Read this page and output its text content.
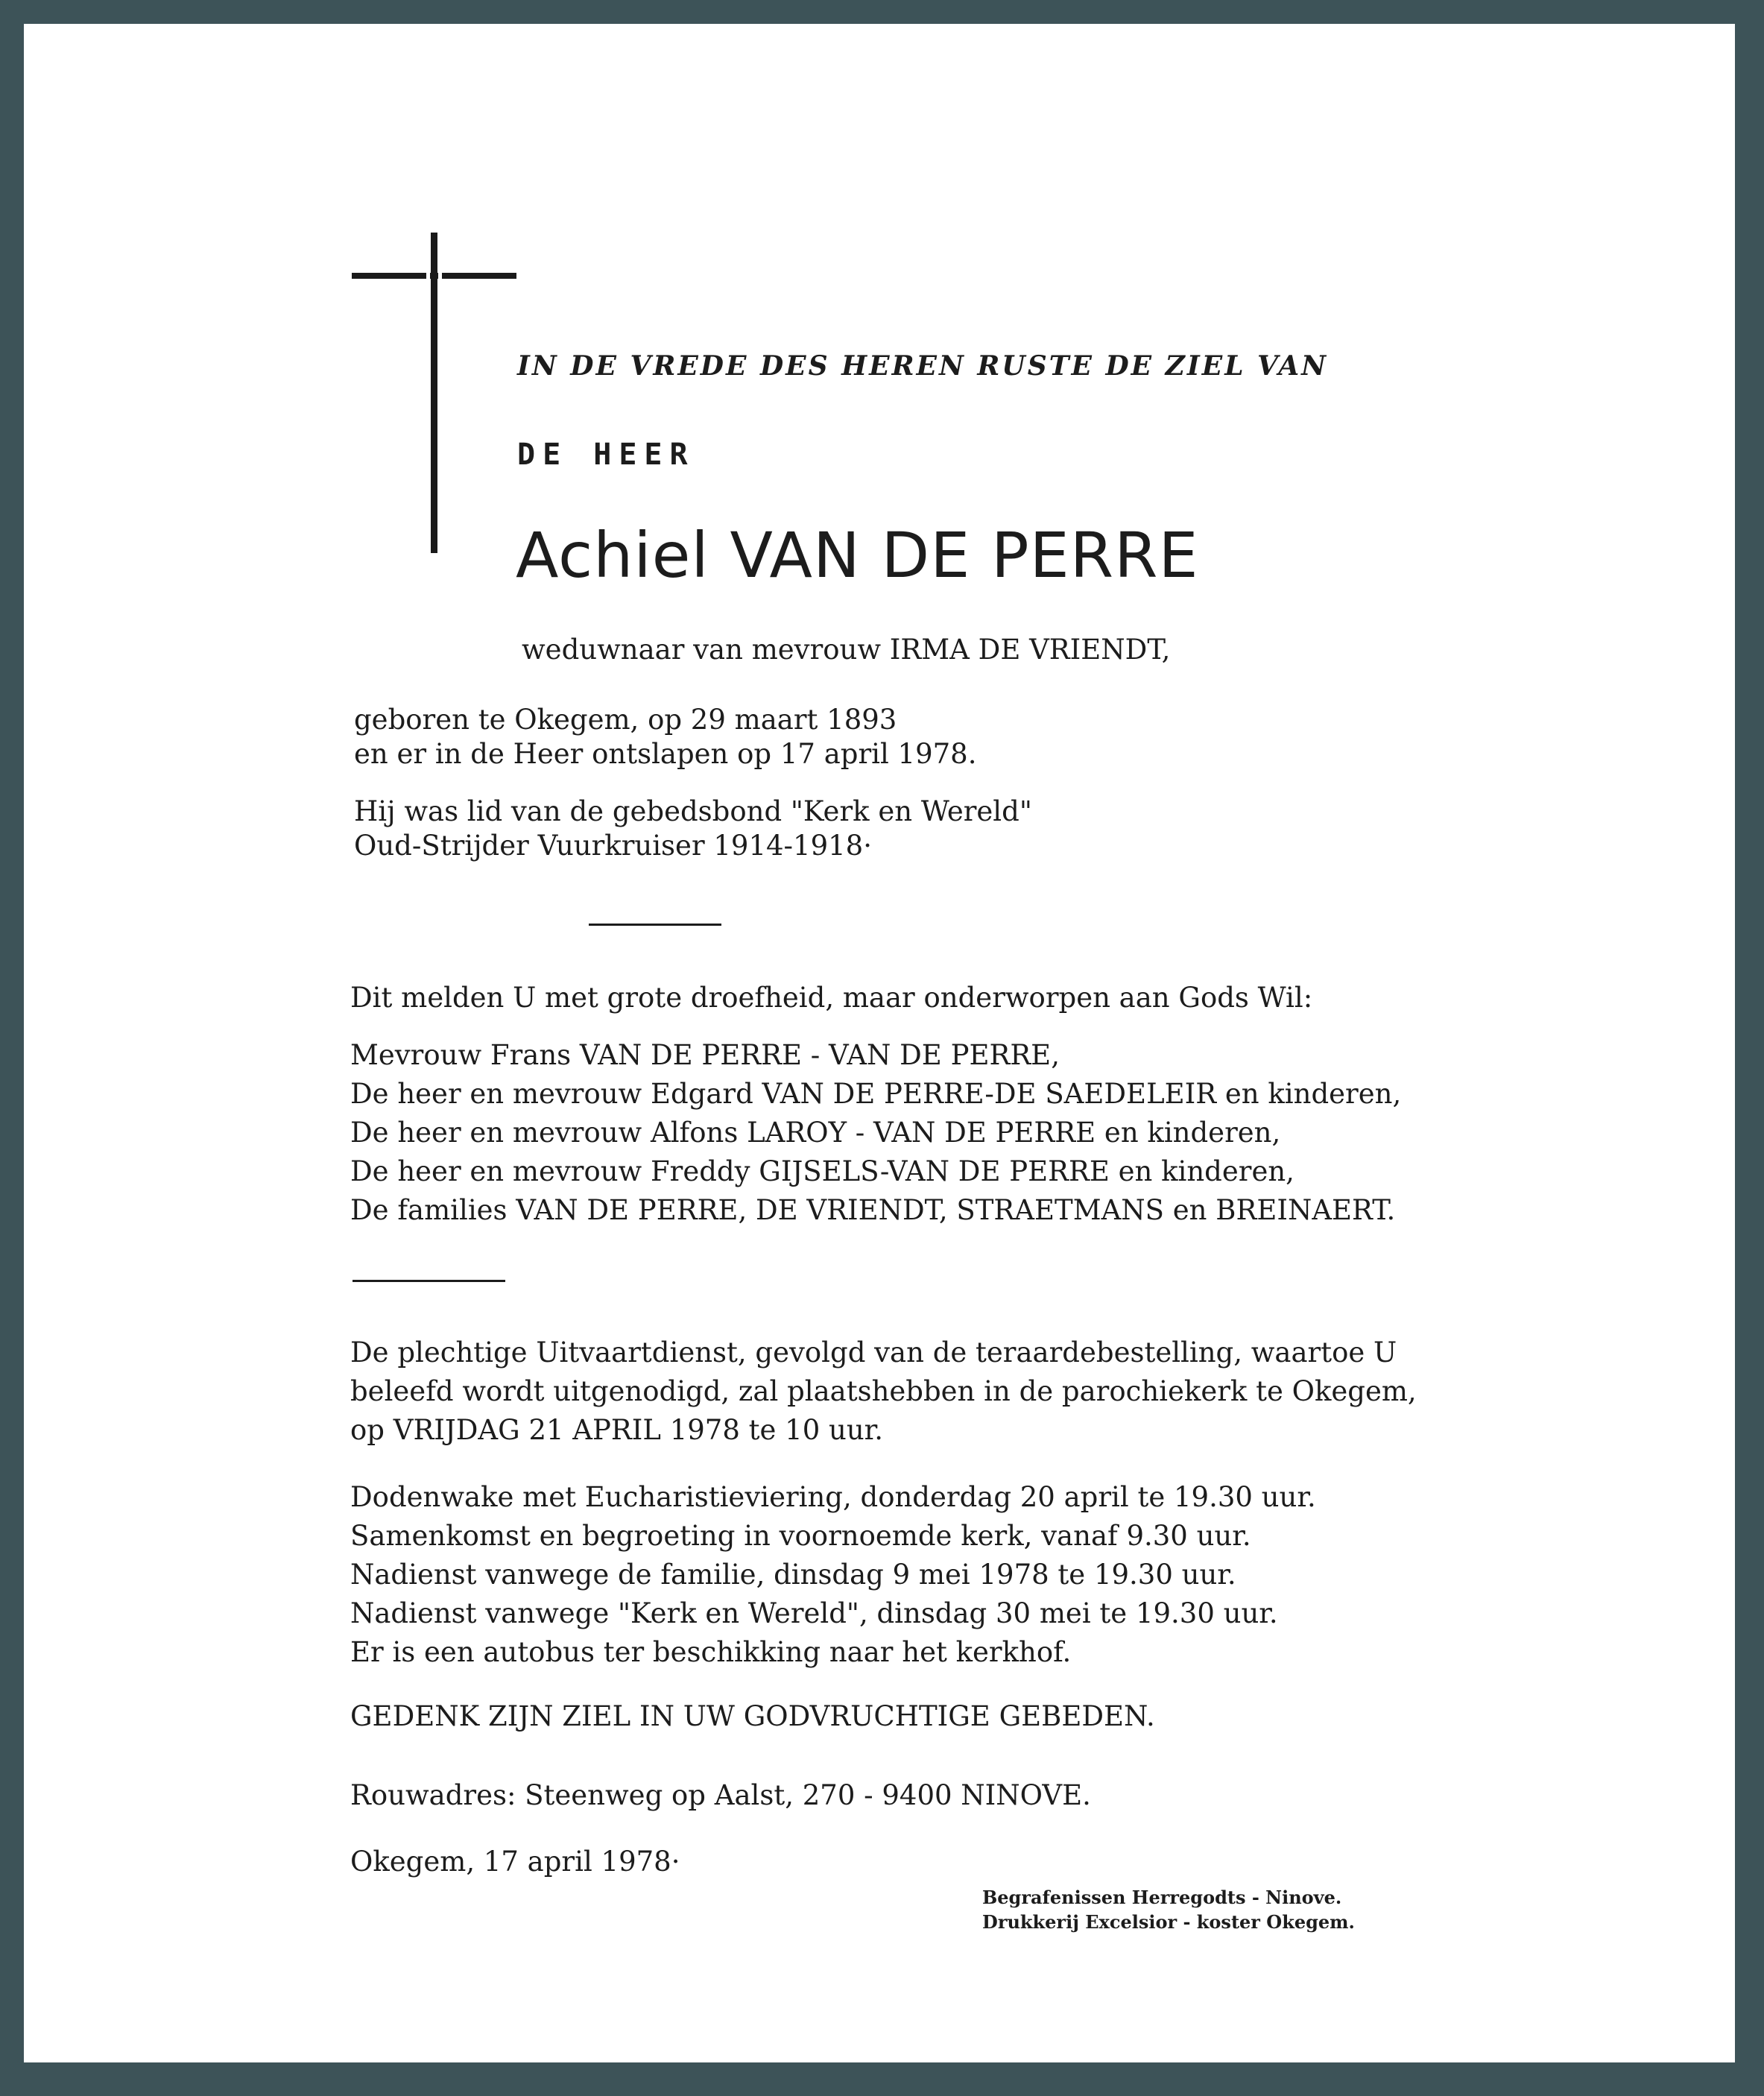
IN DE VREDE DES HEREN RUSTE DE ZIEL VAN
DE HEER
Achiel VAN DE PERRE
weduwnaar van mevrouw IRMA DE VRIENDT,
geboren te Okegem, op 29 maart 1893
en er in de Heer ontslapen op 17 april 1978.
Hij was lid van de gebedsbond "Kerk en Wereld"
Oud-Strijder Vuurkruiser 1914-1918·
Dit melden U met grote droefheid, maar onderworpen aan Gods Wil:
Mevrouw Frans VAN DE PERRE - VAN DE PERRE,
De heer en mevrouw Edgard VAN DE PERRE-DE SAEDELEIR en kinderen,
De heer en mevrouw Alfons LAROY - VAN DE PERRE en kinderen,
De heer en mevrouw Freddy GIJSELS-VAN DE PERRE en kinderen,
De families VAN DE PERRE, DE VRIENDT, STRAETMANS en BREINAERT.
De plechtige Uitvaartdienst, gevolgd van de teraardebestelling, waartoe U
beleefd wordt uitgenodigd, zal plaatshebben in de parochiekerk te Okegem,
op VRIJDAG 21 APRIL 1978 te 10 uur.
Dodenwake met Eucharistieviering, donderdag 20 april te 19.30 uur.
Samenkomst en begroeting in voornoemde kerk, vanaf 9.30 uur.
Nadienst vanwege de familie, dinsdag 9 mei 1978 te 19.30 uur.
Nadienst vanwege "Kerk en Wereld", dinsdag 30 mei te 19.30 uur.
Er is een autobus ter beschikking naar het kerkhof.
GEDENK ZIJN ZIEL IN UW GODVRUCHTIGE GEBEDEN.
Rouwadres: Steenweg op Aalst, 270 - 9400 NINOVE.
Okegem, 17 april 1978·
Begrafenissen Herregodts - Ninove.
Drukkerij Excelsior - koster Okegem.
